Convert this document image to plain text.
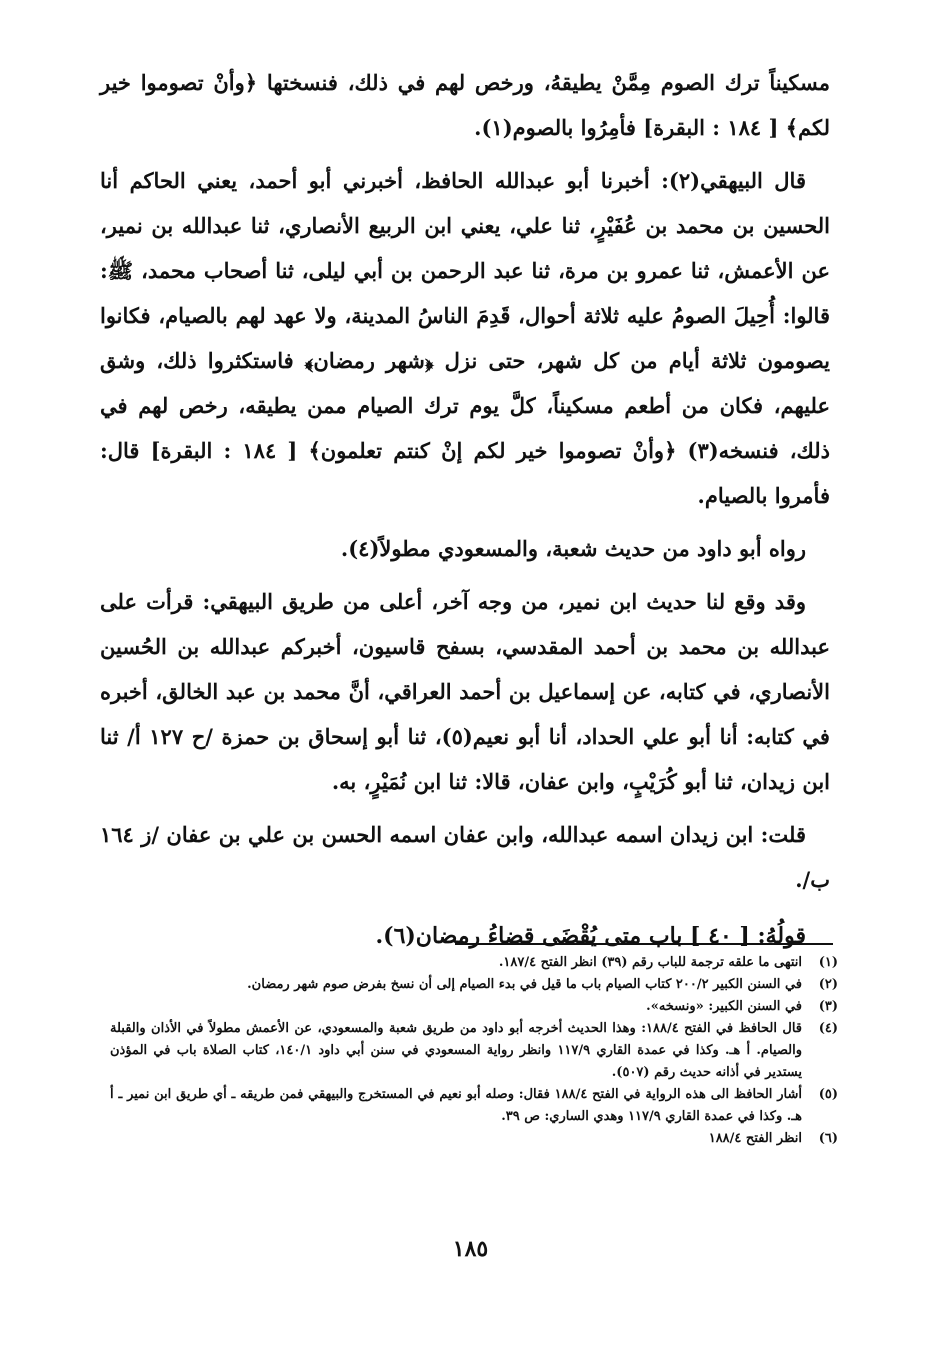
مسكيناً ترك الصوم مِمَّنْ يطيقهُ، ورخص لهم في ذلك، فنسختها ﴿وأنْ تصوموا خير لكم﴾ [ ١٨٤ : البقرة] فأمِرُوا بالصوم(١).

قال البيهقي(٢): أخبرنا أبو عبدالله الحافظ، أخبرني أبو أحمد، يعني الحاكم أنا الحسين بن محمد بن عُفَيْرٍ، ثنا علي، يعني ابن الربيع الأنصاري، ثنا عبدالله بن نمير، عن الأعمش، ثنا عمرو بن مرة، ثنا عبد الرحمن بن أبي ليلى، ثنا أصحاب محمد، ﷺ: قالوا: أُحِيلَ الصومُ عليه ثلاثة أحوال، قَدِمَ الناسُ المدينة، ولا عهد لهم بالصيام، فكانوا يصومون ثلاثة أيام من كل شهر، حتى نزل ﴿شهر رمضان﴾ فاستكثروا ذلك، وشق عليهم، فكان من أطعم مسكيناً، كلَّ يوم ترك الصيام ممن يطيقه، رخص لهم في ذلك، فنسخه(٣) ﴿وأنْ تصوموا خير لكم إنْ كنتم تعلمون﴾ [ ١٨٤ : البقرة] قال: فأمروا بالصيام.

رواه أبو داود من حديث شعبة، والمسعودي مطولاً(٤).

وقد وقع لنا حديث ابن نمير، من وجه آخر، أعلى من طريق البيهقي: قرأت على عبدالله بن محمد بن أحمد المقدسي، بسفح قاسيون، أخبركم عبدالله بن الحُسين الأنصاري، في كتابه، عن إسماعيل بن أحمد العراقي، أنَّ محمد بن عبد الخالق، أخبره في كتابه: أنا أبو علي الحداد، أنا أبو نعيم(٥)، ثنا أبو إسحاق بن حمزة /ح ١٢٧ أ/ ثنا ابن زيدان، ثنا أبو كُرَيْبٍ، وابن عفان، قالا: ثنا ابن نُمَيْرٍ، به.

قلت: ابن زيدان اسمه عبدالله، وابن عفان اسمه الحسن بن علي بن عفان /ز ١٦٤ ب/.

قولُهُ: [ ٤٠ ] باب متى يُقْضَى قضاءُ رمضان(٦).

(١)
انتهى ما علقه ترجمة للباب رقم (٣٩) انظر الفتح ١٨٧/٤.
(٢)
في السنن الكبير ٢٠٠/٢ كتاب الصيام باب ما قيل في بدء الصيام إلى أن نسخ بفرض صوم شهر رمضان.
(٣)
في السنن الكبير: «ونسخه».
(٤)
قال الحافظ في الفتح ١٨٨/٤: وهذا الحديث أخرجه أبو داود من طريق شعبة والمسعودي، عن الأعمش مطولاً في الأذان والقبلة والصيام. أ هـ. وكذا في عمدة القاري ١١٧/٩ وانظر رواية المسعودي في سنن أبي داود ١٤٠/١، كتاب الصلاة باب في المؤذن يستدير في أذانه حديث رقم (٥٠٧).
(٥)
أشار الحافظ الى هذه الرواية في الفتح ١٨٨/٤ فقال: وصله أبو نعيم في المستخرج والبيهقي فمن طريقه ـ أي طريق ابن نمير ـ أ هـ. وكذا في عمدة القاري ١١٧/٩ وهدي الساري: ص ٣٩.
(٦)
انظر الفتح ١٨٨/٤
١٨٥
